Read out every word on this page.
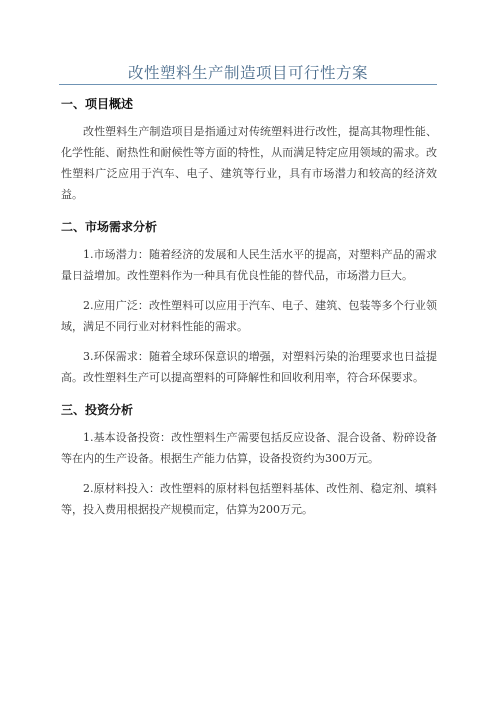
改性塑料生产制造项目可行性方案
一、项目概述

改性塑料生产制造项目是指通过对传统塑料进行改性，提高其物理性能、化学性能、耐热性和耐候性等方面的特性，从而满足特定应用领域的需求。改性塑料广泛应用于汽车、电子、建筑等行业，具有市场潜力和较高的经济效益。

二、市场需求分析

1.市场潜力：随着经济的发展和人民生活水平的提高，对塑料产品的需求量日益增加。改性塑料作为一种具有优良性能的替代品，市场潜力巨大。

2.应用广泛：改性塑料可以应用于汽车、电子、建筑、包装等多个行业领域，满足不同行业对材料性能的需求。

3.环保需求：随着全球环保意识的增强，对塑料污染的治理要求也日益提高。改性塑料生产可以提高塑料的可降解性和回收利用率，符合环保要求。

三、投资分析

1.基本设备投资：改性塑料生产需要包括反应设备、混合设备、粉碎设备等在内的生产设备。根据生产能力估算，设备投资约为300万元。

2.原材料投入：改性塑料的原材料包括塑料基体、改性剂、稳定剂、填料等，投入费用根据投产规模而定，估算为200万元。
